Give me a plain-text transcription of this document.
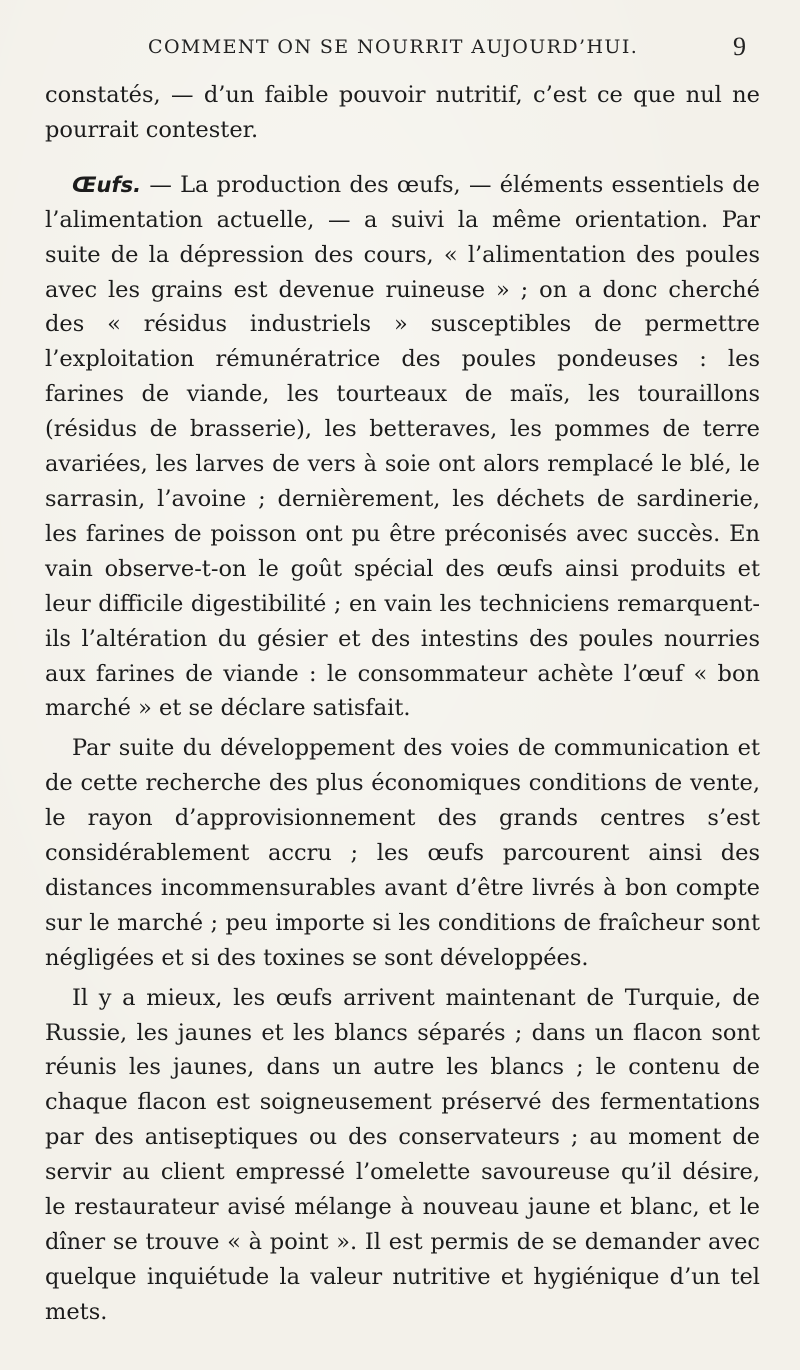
COMMENT ON SE NOURRIT AUJOURD’HUI.	9

constatés, — d’un faible pouvoir nutritif, c’est ce que nul ne pourrait contester.

Œufs. — La production des œufs, — éléments essentiels de l’alimentation actuelle, — a suivi la même orientation. Par suite de la dépression des cours, « l’alimentation des poules avec les grains est devenue ruineuse » ; on a donc cherché des « résidus industriels » susceptibles de permettre l’exploitation rémunératrice des poules pondeuses : les farines de viande, les tourteaux de maïs, les touraillons (résidus de brasserie), les betteraves, les pommes de terre avariées, les larves de vers à soie ont alors remplacé le blé, le sarrasin, l’avoine ; dernièrement, les déchets de sardinerie, les farines de poisson ont pu être préconisés avec succès. En vain observe-t-on le goût spécial des œufs ainsi produits et leur difficile digestibilité ; en vain les techniciens remarquent-ils l’altération du gésier et des intestins des poules nourries aux farines de viande : le consommateur achète l’œuf « bon marché » et se déclare satisfait.

Par suite du développement des voies de communication et de cette recherche des plus économiques conditions de vente, le rayon d’approvisionnement des grands centres s’est considérablement accru ; les œufs parcourent ainsi des distances incommensurables avant d’être livrés à bon compte sur le marché ; peu importe si les conditions de fraîcheur sont négligées et si des toxines se sont développées.

Il y a mieux, les œufs arrivent maintenant de Turquie, de Russie, les jaunes et les blancs séparés ; dans un flacon sont réunis les jaunes, dans un autre les blancs ; le contenu de chaque flacon est soigneusement préservé des fermentations par des antiseptiques ou des conservateurs ; au moment de servir au client empressé l’omelette savoureuse qu’il désire, le restaurateur avisé mélange à nouveau jaune et blanc, et le dîner se trouve « à point ». Il est permis de se demander avec quelque inquiétude la valeur nutritive et hygiénique d’un tel mets.
